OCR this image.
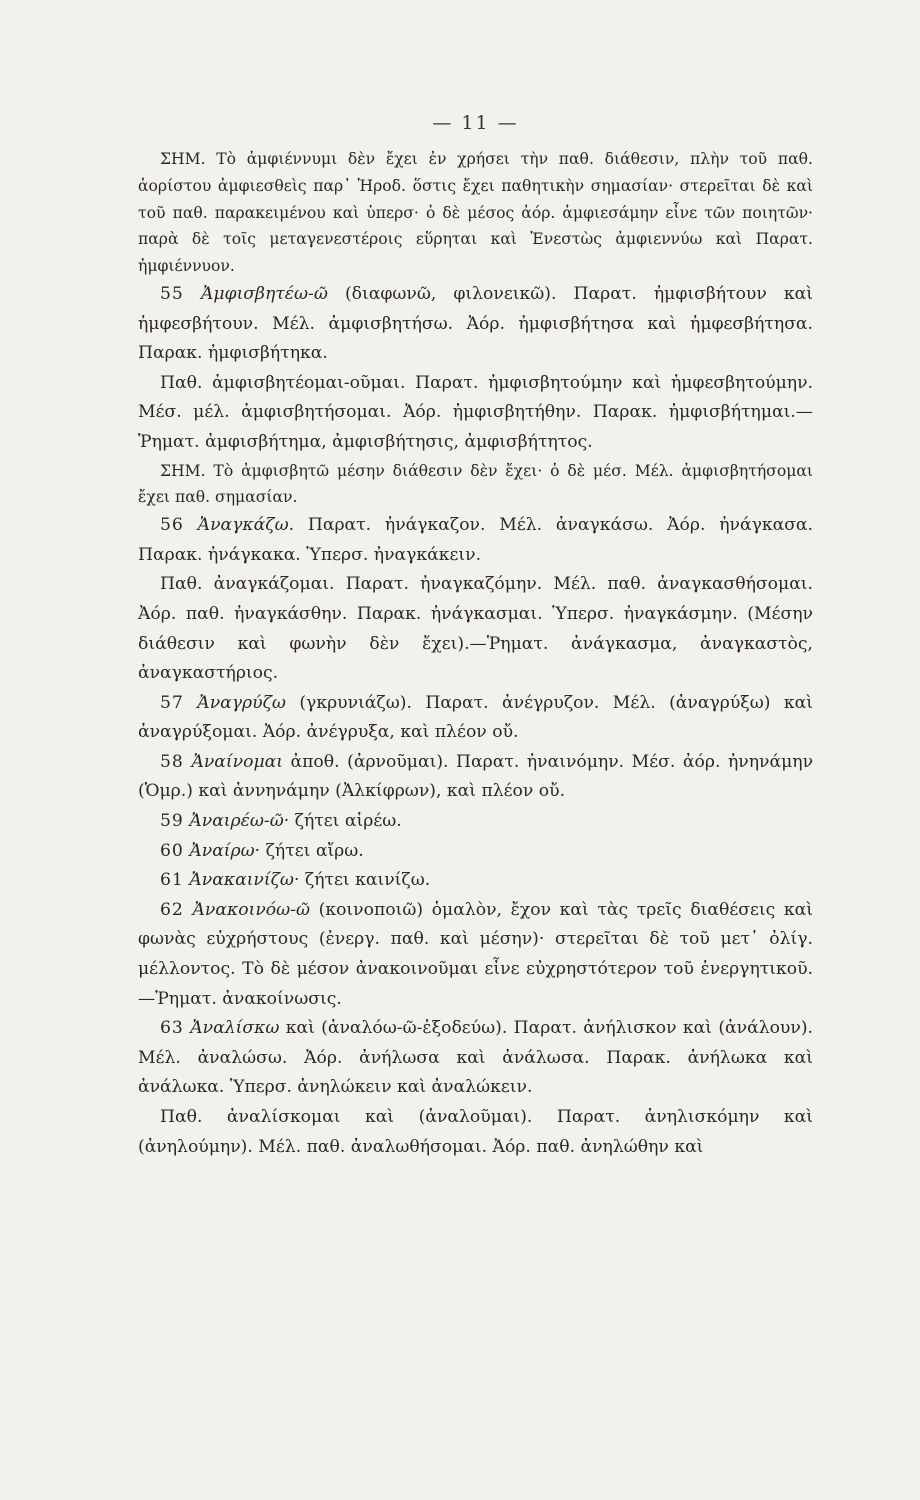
— 11 —

ΣΗΜ. Τὸ ἀμφιέννυμι δὲν ἔχει ἐν χρήσει τὴν παθ. διάθεσιν, πλὴν τοῦ παθ. ἀορίστου ἀμφιεσθεὶς παρ᾽ Ἡροδ. ὅστις ἔχει παθητικὴν σημασίαν· στερεῖται δὲ καὶ τοῦ παθ. παρακειμένου καὶ ὑπερσ· ὁ δὲ μέσος ἀόρ. ἀμφιεσάμην εἶνε τῶν ποιητῶν· παρὰ δὲ τοῖς μεταγενεστέροις εὕρηται καὶ Ἐνεστὼς ἀμφιεννύω καὶ Παρατ. ἠμφιέννυον.

55 Ἀμφισβητέω-ῶ (διαφωνῶ, φιλονεικῶ). Παρατ. ἠμφισβήτουν καὶ ἠμφεσβήτουν. Μέλ. ἀμφισβητήσω. Ἀόρ. ἠμφισβήτησα καὶ ἠμφεσβήτησα. Παρακ. ἠμφισβήτηκα.

Παθ. ἀμφισβητέομαι-οῦμαι. Παρατ. ἠμφισβητούμην καὶ ἠμφεσβητούμην. Μέσ. μέλ. ἀμφισβητήσομαι. Ἀόρ. ἠμφισβητήθην. Παρακ. ἠμφισβήτημαι.—Ῥηματ. ἀμφισβήτημα, ἀμφισβήτησις, ἀμφισβήτητος.

ΣΗΜ. Τὸ ἀμφισβητῶ μέσην διάθεσιν δὲν ἔχει· ὁ δὲ μέσ. Μέλ. ἀμφισβητήσομαι ἔχει παθ. σημασίαν.

56 Ἀναγκάζω. Παρατ. ἠνάγκαζον. Μέλ. ἀναγκάσω. Ἀόρ. ἠνάγκασα. Παρακ. ἠνάγκακα. Ὑπερσ. ἠναγκάκειν.

Παθ. ἀναγκάζομαι. Παρατ. ἠναγκαζόμην. Μέλ. παθ. ἀναγκασθήσομαι. Ἀόρ. παθ. ἠναγκάσθην. Παρακ. ἠνάγκασμαι. Ὑπερσ. ἠναγκάσμην. (Μέσην διάθεσιν καὶ φωνὴν δὲν ἔχει).—Ῥηματ. ἀνάγκασμα, ἀναγκαστὸς, ἀναγκαστήριος.

57 Ἀναγρύζω (γκρυνιάζω). Παρατ. ἀνέγρυζον. Μέλ. (ἀναγρύξω) καὶ ἀναγρύξομαι. Ἀόρ. ἀνέγρυξα, καὶ πλέον οὔ.

58 Ἀναίνομαι ἀποθ. (ἀρνοῦμαι). Παρατ. ἠναινόμην. Μέσ. ἀόρ. ἠνηνάμην (Ὁμρ.) καὶ ἀννηνάμην (Ἀλκίφρων), καὶ πλέον οὔ.

59 Ἀναιρέω-ῶ· ζήτει αἱρέω.

60 Ἀναίρω· ζήτει αἴρω.

61 Ἀνακαινίζω· ζήτει καινίζω.

62 Ἀνακοινόω-ῶ (κοινοποιῶ) ὁμαλὸν, ἔχον καὶ τὰς τρεῖς διαθέσεις καὶ φωνὰς εὐχρήστους (ἐνεργ. παθ. καὶ μέσην)· στερεῖται δὲ τοῦ μετ᾽ ὀλίγ. μέλλοντος. Τὸ δὲ μέσον ἀνακοινοῦμαι εἶνε εὐχρηστότερον τοῦ ἐνεργητικοῦ.—Ῥηματ. ἀνακοίνωσις.

63 Ἀναλίσκω καὶ (ἀναλόω-ῶ-ἐξοδεύω). Παρατ. ἀνήλισκον καὶ (ἀνάλουν). Μέλ. ἀναλώσω. Ἀόρ. ἀνήλωσα καὶ ἀνάλωσα. Παρακ. ἀνήλωκα καὶ ἀνάλωκα. Ὑπερσ. ἀνηλώκειν καὶ ἀναλώκειν.

Παθ. ἀναλίσκομαι καὶ (ἀναλοῦμαι). Παρατ. ἀνηλισκόμην καὶ (ἀνηλούμην). Μέλ. παθ. ἀναλωθήσομαι. Ἀόρ. παθ. ἀνηλώθην καὶ
